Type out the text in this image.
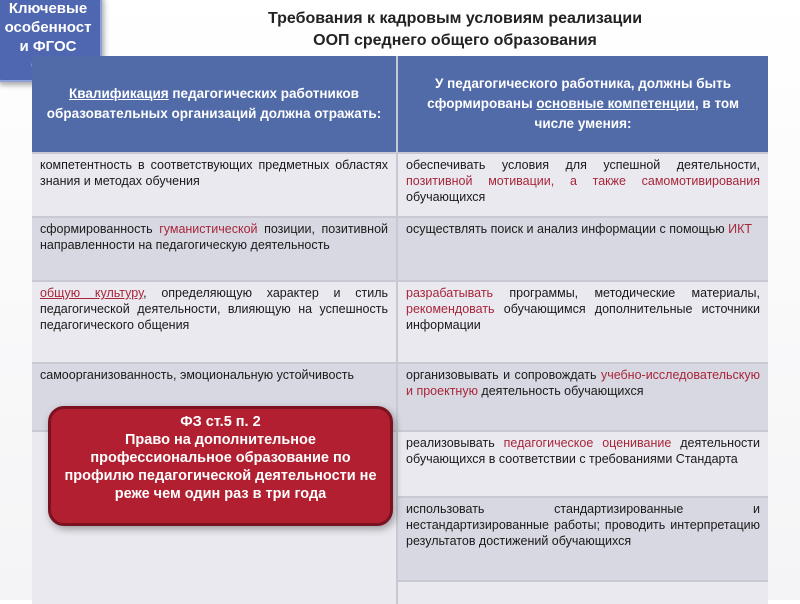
Ключевые
особенност
и ФГОС
Требования к кадровым условиям реализации
ООП среднего общего образования
Квалификация педагогических работников образовательных организаций должна отражать:
У педагогического работника, должны быть сформированы основные компетенции, в том числе умения:
компетентность в соответствующих предметных областях знания и методах обучения
сформированность гуманистической позиции, позитивной направленности на педагогическую деятельность
общую культуру, определяющую характер и стиль педагогической деятельности, влияющую на успешность педагогического общения
самоорганизованность, эмоциональную устойчивость
обеспечивать условия для успешной деятельности, позитивной мотивации, а также самомотивирования обучающихся
осуществлять поиск и анализ информации с помощью ИКТ
разрабатывать программы, методические материалы, рекомендовать обучающимся дополнительные источники информации
организовывать и сопровождать учебно-исследовательскую и проектную деятельность обучающихся
реализовывать педагогическое оценивание деятельности обучающихся в соответствии с требованиями Стандарта
использовать стандартизированные и нестандартизированные работы; проводить интерпретацию результатов достижений обучающихся
ФЗ ст.5 п. 2
Право на дополнительное профессиональное образование по профилю педагогической деятельности не реже чем один раз в три года
